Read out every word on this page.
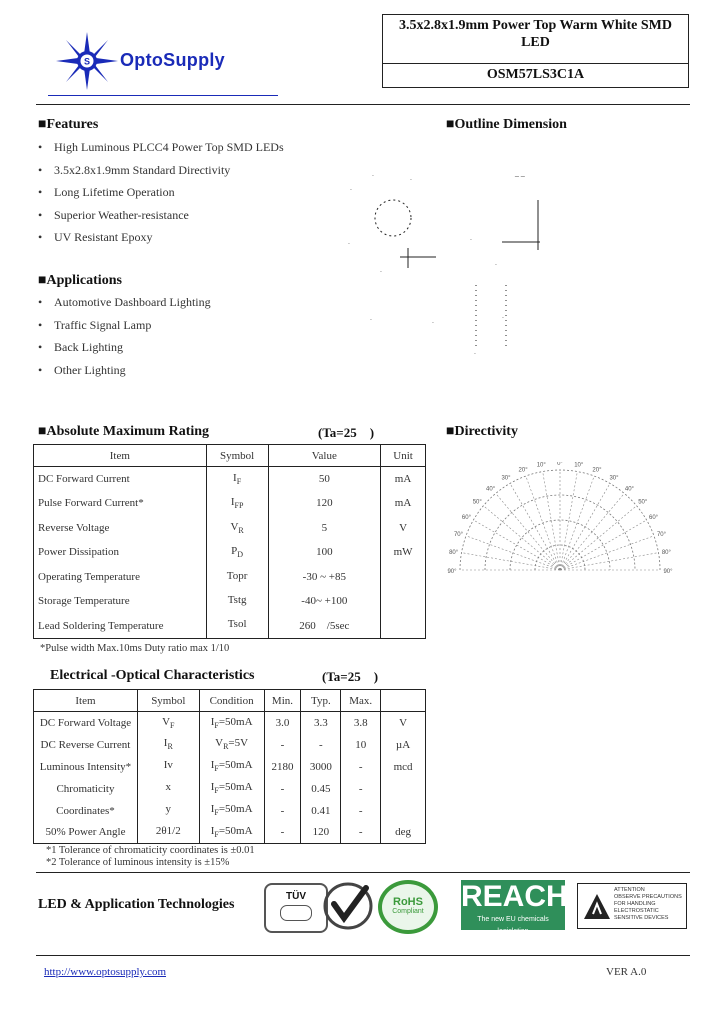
S OptoSupply
3.5x2.8x1.9mm Power Top Warm White SMD LED
OSM57LS3C1A
■Features
• High Luminous PLCC4 Power Top SMD LEDs
• 3.5x2.8x1.9mm Standard Directivity
• Long Lifetime Operation
• Superior Weather-resistance
• UV Resistant Epoxy
■Applications
• Automotive Dashboard Lighting
• Traffic Signal Lamp
• Back Lighting
• Other Lighting
■Outline Dimension
.
.
_ _
.
.
.
.
.
.	.
.
.
■Absolute Maximum Rating	(Ta=25    )
Item	Symbol	Value	Unit
DC Forward Current	$I_F$	50	mA
Pulse Forward Current*	$I_{FP}$	120	mA
Reverse Voltage	$V_R$	5	V
Power Dissipation	$P_D$	100	mW
Operating Temperature	Topr	-30 ~ +85	
Storage Temperature	Tstg	-40~ +100	
Lead Soldering Temperature	Tsol	260    /5sec	
*Pulse width Max.10ms Duty ratio max 1/10
■Directivity
0° 10°
10°
20°
20°
30°
30°
40°
40°
50°
50°
60°
60°
70°
70°
80°
80°
90°
90°
Electrical -Optical Characteristics	(Ta=25    )
Item	Symbol	Condition	Min.	Typ.	Max.	
DC Forward Voltage	$V_F$	$I_F=50mA$	3.0	3.3	3.8	V
DC Reverse Current	$I_R$	$V_R=5V$	-	-	10	µA
Luminous Intensity*	Iv	$I_F=50mA$	2180	3000	-	mcd
Chromaticity	x	$I_F=50mA$	-	0.45	-	
Coordinates*	y	$I_F=50mA$	-	0.41	-	
50% Power Angle	2θ1/2	$I_F=50mA$	-	120	-	deg
*1 Tolerance of chromaticity coordinates is ±0.01
*2 Tolerance of luminous intensity is ±15%
LED & Application Technologies
TÜV	RoHS
Compliant	REACH
The new EU chemicals legislation
ATTENTION
OBSERVE PRECAUTIONS
FOR HANDLING
ELECTROSTATIC
SENSITIVE DEVICES
http://www.optosupply.com	VER A.0
